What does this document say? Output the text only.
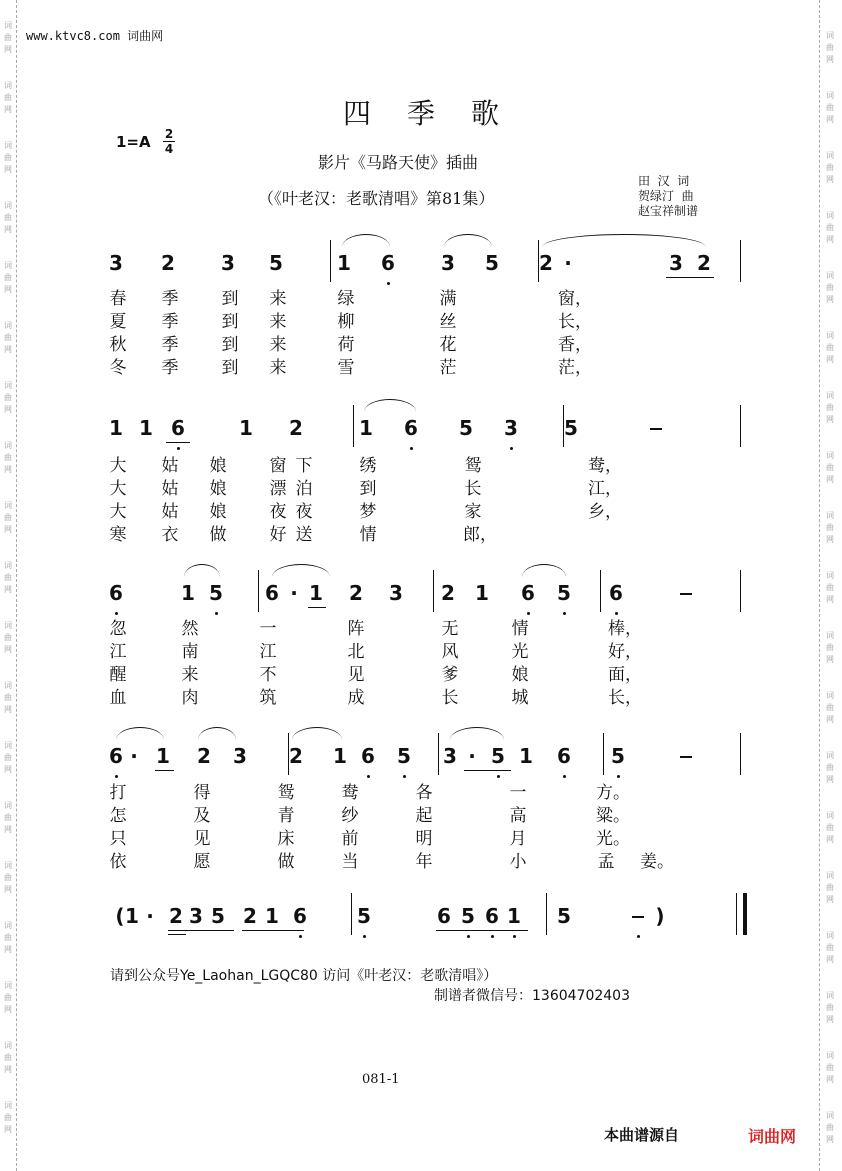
词
曲
网
词
曲
网
词
曲
网
词
曲
网
词
曲
网
词
曲
网
词
曲
网
词
曲
网
词
曲
网
词
曲
网
词
曲
网
词
曲
网
词
曲
网
词
曲
网
词
曲
网
词
曲
网
词
曲
网
词
曲
网
词
曲
网
词
曲
网
词
曲
网
词
曲
网
词
曲
网
词
曲
网
词
曲
网
词
曲
网
词
曲
网
词
曲
网
词
曲
网
词
曲
网
词
曲
网
词
曲
网
词
曲
网
词
曲
网
词
曲
网
词
曲
网
词
曲
网
词
曲
网
www.ktvc8.com 词曲网
四季歌
1=A 2
4
影片《马路天使》插曲
（《叶老汉：老歌清唱》第81集）
田  汉  词
贺绿汀  曲
赵宝祥制谱
3 2 3 5	1 6 3 5 2 ·	3 2
春 季	到 来	绿	满	窗，
夏 季	到 来	柳	丝	长，
秋 季	到 来	荷	花	香，
冬 季	到 来	雪	茫	茫，
1 1 6	1 2	1 6 5 3 5
大 姑 娘	窗 下	绣	鸳	鸯，
大 姑 娘	漂 泊	到	长	江，
大 姑 娘	夜 夜	梦	家	乡，
寒 衣 做	好 送	情	郎，
6	1 5 6 · 1 2 3 2 1 6 5 6
忽	然	一	阵	无	情	棒，
江	南	江	北	风	光	好，
醒	来	不	见	爹	娘	面，
血	肉	筑	成	长	城	长，
6 · 1 2 3 2 1 6 5 3 · 5 1 6 5
打	得	鸳	鸯	各	一	方。
怎	及	青	纱	起	高	粱。
只	见	床	前	明	月	光。
依	愿	做	当	年	小	孟 姜。
( 1 · 2 3 5 2 1 6	5	6 5 6 1 5	)
请到公众号Ye_Laohan_LGQC80 访问《叶老汉：老歌清唱》）
制谱者微信号：13604702403
081-1
本曲谱源自	词曲网
